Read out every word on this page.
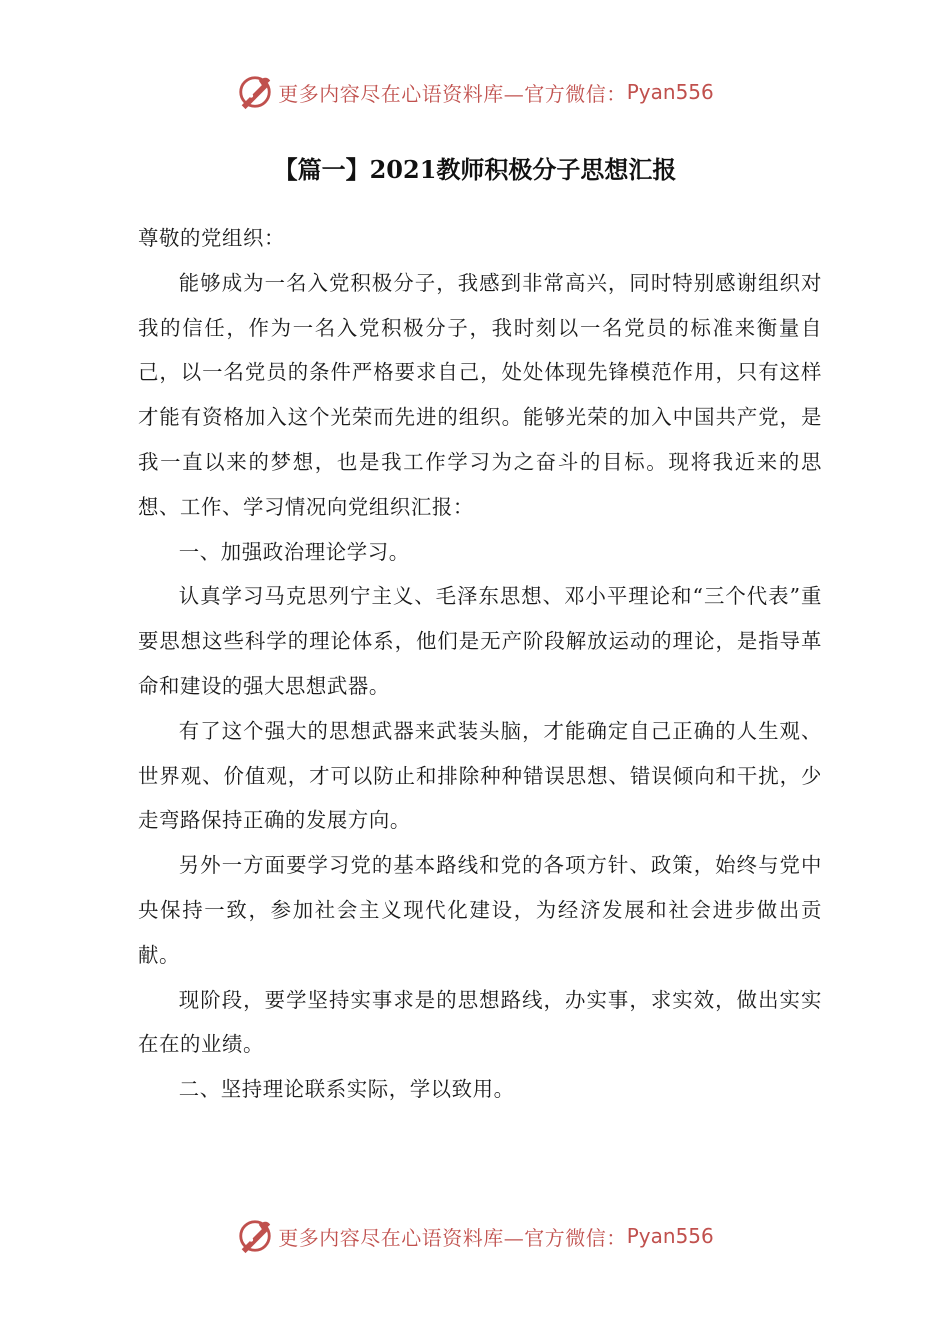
更多内容尽在心语资料库—官方微信： Pyan556
【篇一】2021教师积极分子思想汇报

尊敬的党组织：

能够成为一名入党积极分子，我感到非常高兴，同时特别感谢组织对我的信任，作为一名入党积极分子，我时刻以一名党员的标准来衡量自己，以一名党员的条件严格要求自己，处处体现先锋模范作用，只有这样才能有资格加入这个光荣而先进的组织。能够光荣的加入中国共产党，是我一直以来的梦想，也是我工作学习为之奋斗的目标。现将我近来的思想、工作、学习情况向党组织汇报：

一、加强政治理论学习。

认真学习马克思列宁主义、毛泽东思想、邓小平理论和“三个代表”重要思想这些科学的理论体系，他们是无产阶段解放运动的理论，是指导革命和建设的强大思想武器。

有了这个强大的思想武器来武装头脑，才能确定自己正确的人生观、世界观、价值观，才可以防止和排除种种错误思想、错误倾向和干扰，少走弯路保持正确的发展方向。

另外一方面要学习党的基本路线和党的各项方针、政策，始终与党中央保持一致，参加社会主义现代化建设，为经济发展和社会进步做出贡献。

现阶段，要学坚持实事求是的思想路线，办实事，求实效，做出实实在在的业绩。

二、坚持理论联系实际，学以致用。

更多内容尽在心语资料库—官方微信： Pyan556
